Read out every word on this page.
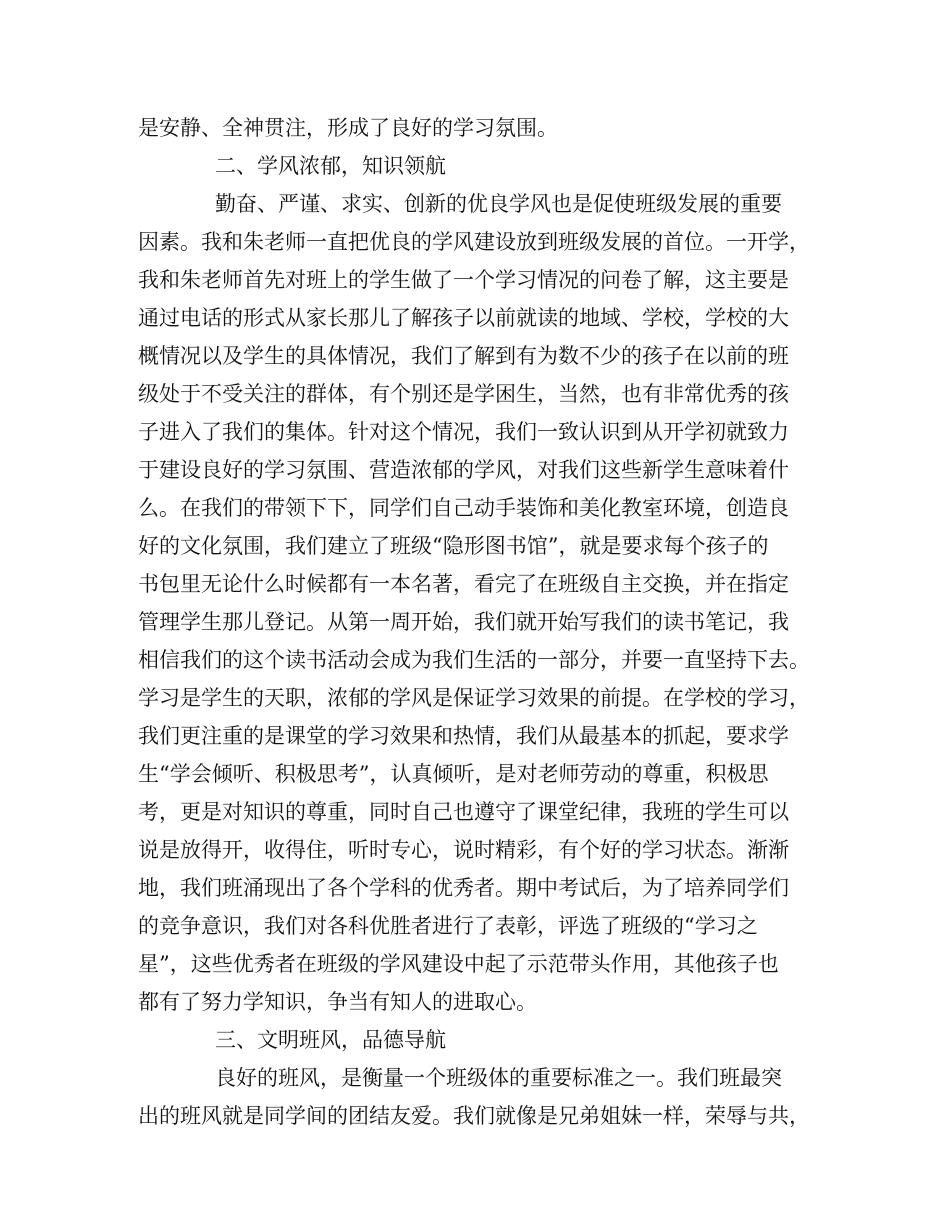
是安静、全神贯注，形成了良好的学习氛围。
二、学风浓郁，知识领航
勤奋、严谨、求实、创新的优良学风也是促使班级发展的重要
因素。我和朱老师一直把优良的学风建设放到班级发展的首位。一开学，
我和朱老师首先对班上的学生做了一个学习情况的问卷了解，这主要是
通过电话的形式从家长那儿了解孩子以前就读的地域、学校，学校的大
概情况以及学生的具体情况，我们了解到有为数不少的孩子在以前的班
级处于不受关注的群体，有个别还是学困生，当然，也有非常优秀的孩
子进入了我们的集体。针对这个情况，我们一致认识到从开学初就致力
于建设良好的学习氛围、营造浓郁的学风，对我们这些新学生意味着什
么。在我们的带领下下，同学们自己动手装饰和美化教室环境，创造良
好的文化氛围，我们建立了班级“隐形图书馆”，就是要求每个孩子的
书包里无论什么时候都有一本名著，看完了在班级自主交换，并在指定
管理学生那儿登记。从第一周开始，我们就开始写我们的读书笔记，我
相信我们的这个读书活动会成为我们生活的一部分，并要一直坚持下去。
学习是学生的天职，浓郁的学风是保证学习效果的前提。在学校的学习，
我们更注重的是课堂的学习效果和热情，我们从最基本的抓起，要求学
生“学会倾听、积极思考”，认真倾听，是对老师劳动的尊重，积极思
考，更是对知识的尊重，同时自己也遵守了课堂纪律，我班的学生可以
说是放得开，收得住，听时专心，说时精彩，有个好的学习状态。渐渐
地，我们班涌现出了各个学科的优秀者。期中考试后，为了培养同学们
的竞争意识，我们对各科优胜者进行了表彰，评选了班级的“学习之
星”，这些优秀者在班级的学风建设中起了示范带头作用，其他孩子也
都有了努力学知识，争当有知人的进取心。
三、文明班风，品德导航
良好的班风，是衡量一个班级体的重要标准之一。我们班最突
出的班风就是同学间的团结友爱。我们就像是兄弟姐妹一样，荣辱与共，
